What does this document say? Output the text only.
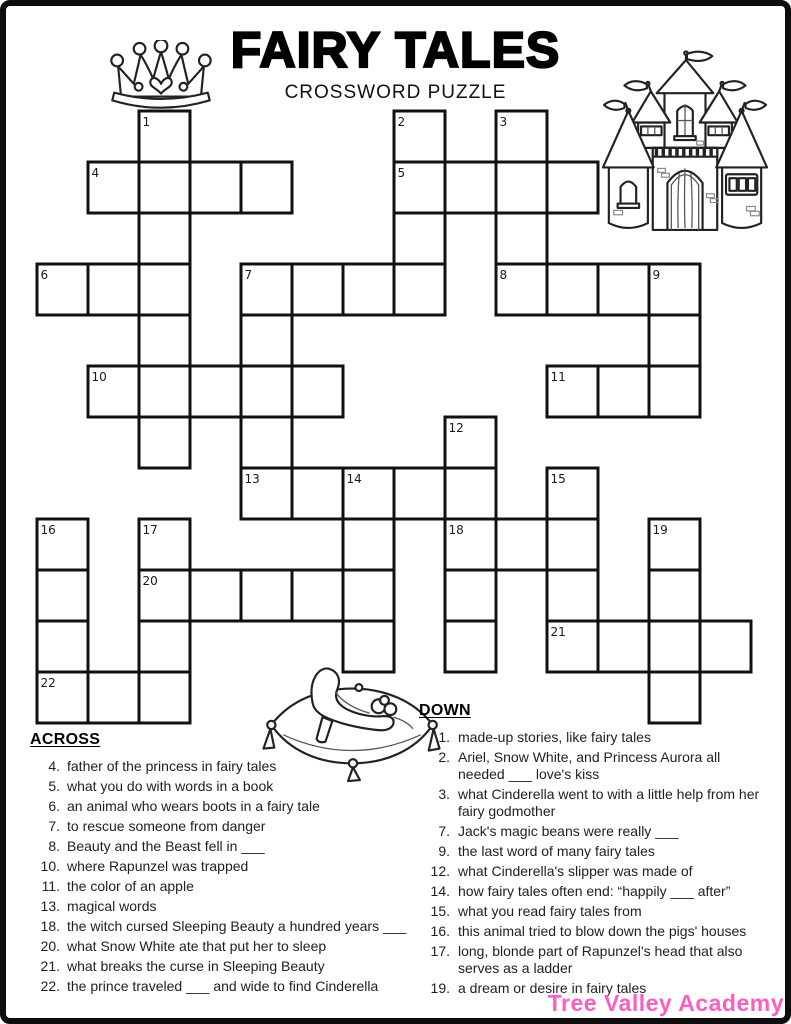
FAIRY TALES
CROSSWORD PUZZLE
1	2	3
4	5
6	7	8	9
10	11
12
13	14	15
16	17	18	19
20
21
22
ACROSS
4. father of the princess in fairy tales
5. what you do with words in a book
6. an animal who wears boots in a fairy tale
7. to rescue someone from danger
8. Beauty and the Beast fell in ___
10. where Rapunzel was trapped
11. the color of an apple
13. magical words
18. the witch cursed Sleeping Beauty a hundred years ___
20. what Snow White ate that put her to sleep
21. what breaks the curse in Sleeping Beauty
22. the prince traveled ___ and wide to find Cinderella
DOWN
1. made-up stories, like fairy tales
2. Ariel, Snow White, and Princess Aurora all needed ___ love's kiss
3. what Cinderella went to with a little help from her fairy godmother
7. Jack's magic beans were really ___
9. the last word of many fairy tales
12. what Cinderella's slipper was made of
14. how fairy tales often end: “happily ___ after”
15. what you read fairy tales from
16. this animal tried to blow down the pigs' houses
17. long, blonde part of Rapunzel's head that also serves as a ladder
19. a dream or desire in fairy tales
Tree Valley Academy
